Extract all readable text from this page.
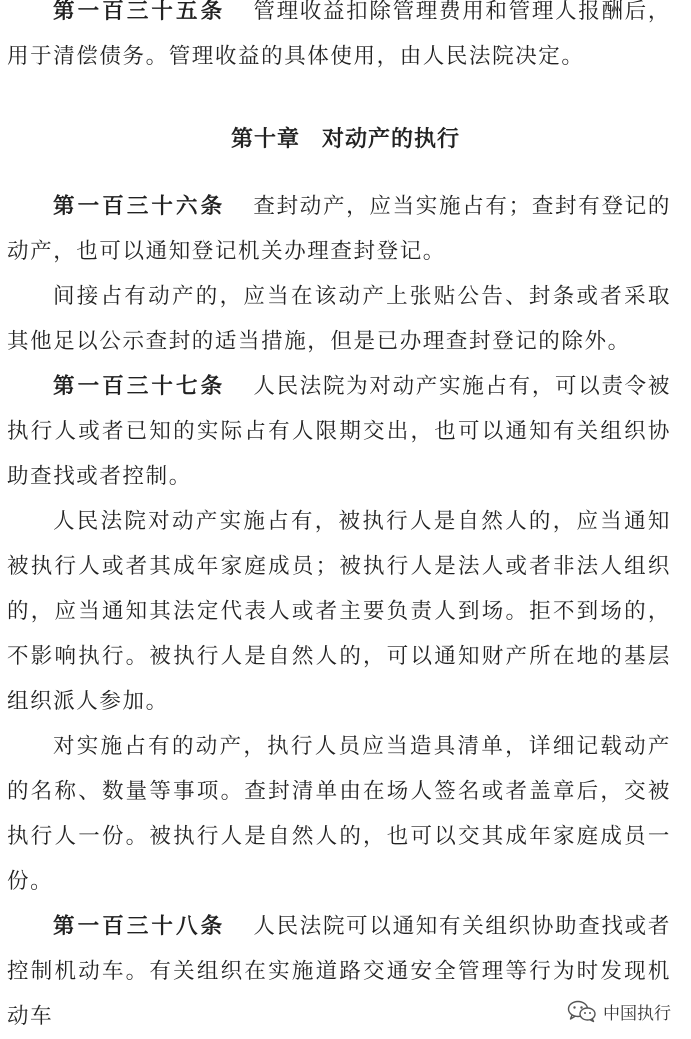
第一百三十五条 管理收益扣除管理费用和管理人报酬后，用于清偿债务。管理收益的具体使用，由人民法院决定。

第十章 对动产的执行

第一百三十六条 查封动产，应当实施占有；查封有登记的动产，也可以通知登记机关办理查封登记。

间接占有动产的，应当在该动产上张贴公告、封条或者采取其他足以公示查封的适当措施，但是已办理查封登记的除外。

第一百三十七条 人民法院为对动产实施占有，可以责令被执行人或者已知的实际占有人限期交出，也可以通知有关组织协助查找或者控制。

人民法院对动产实施占有，被执行人是自然人的，应当通知被执行人或者其成年家庭成员；被执行人是法人或者非法人组织的，应当通知其法定代表人或者主要负责人到场。拒不到场的，不影响执行。被执行人是自然人的，可以通知财产所在地的基层组织派人参加。

对实施占有的动产，执行人员应当造具清单，详细记载动产的名称、数量等事项。查封清单由在场人签名或者盖章后，交被执行人一份。被执行人是自然人的，也可以交其成年家庭成员一份。

第一百三十八条 人民法院可以通知有关组织协助查找或者控制机动车。有关组织在实施道路交通安全管理等行为时发现机动车	中国执行
